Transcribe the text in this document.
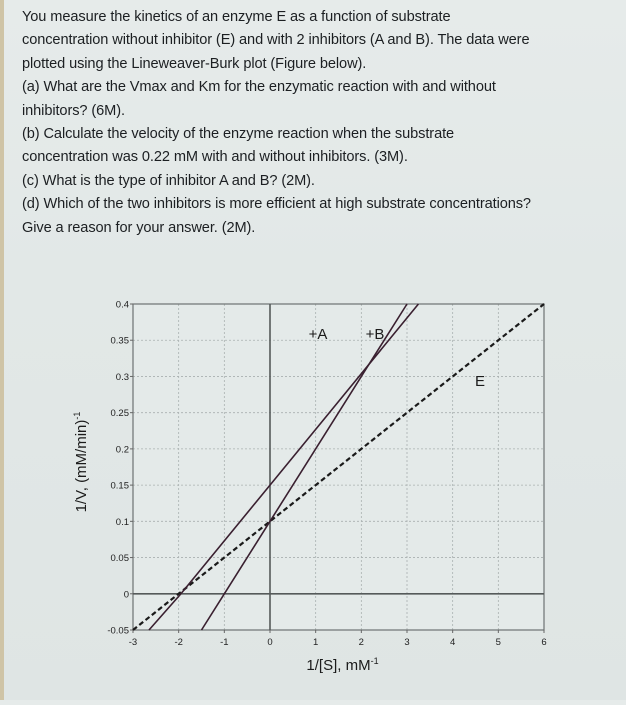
You measure the kinetics of an enzyme E as a function of substrate

concentration without inhibitor (E) and with 2 inhibitors (A and B). The data were

plotted using the Lineweaver-Burk plot (Figure below).

(a) What are the Vmax and Km for the enzymatic reaction with and without

inhibitors? (6M).

(b) Calculate the velocity of the enzyme reaction when the substrate

concentration was 0.22 mM with and without inhibitors. (3M).

(c) What is the type of inhibitor A and B? (2M).

(d) Which of the two inhibitors is more efficient at high substrate concentrations?

Give a reason for your answer. (2M).

-0.05
0
0.05
0.1
0.15
0.2
0.25
0.3
0.35
0.4
-3	-2	-1	0	1	2	3	4	5	6
+A	+B
E
1/[S], $mM^{-1}$
1/V, $(mM/\min)^{-1}$
